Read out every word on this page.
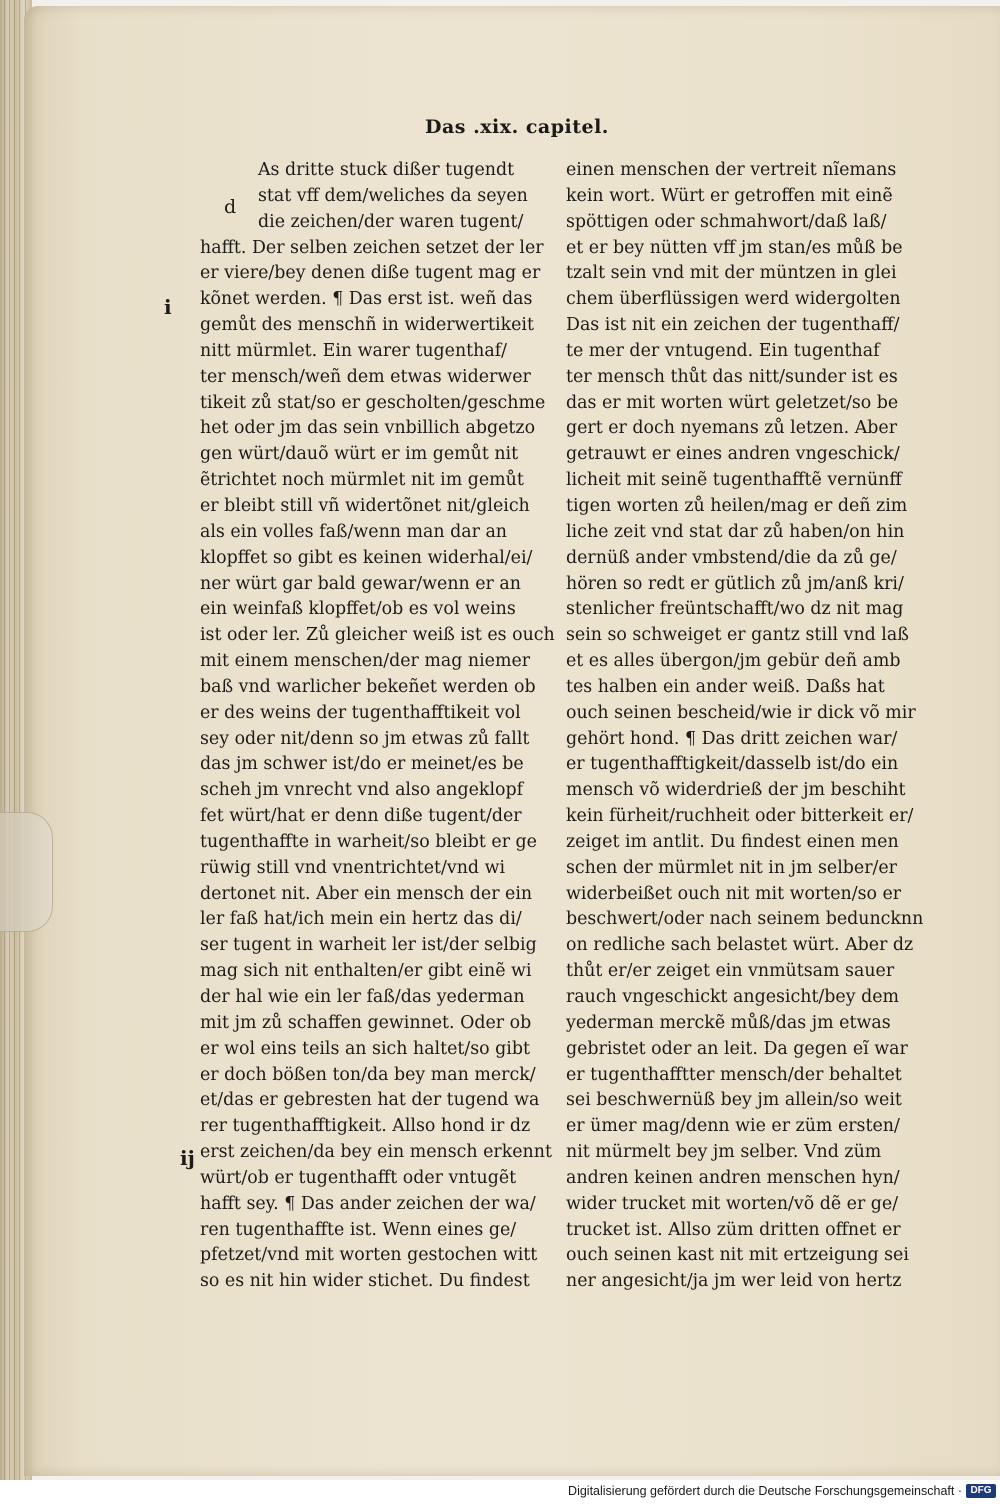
Das .xix. capitel.
d
i
ij
As dritte stuck dißer tugendt
stat vff dem/weliches da seyen
die zeichen/der waren tugent/
hafft. Der selben zeichen setzet der ler
er viere/bey denen diße tugent mag er
kõnet werden. ¶ Das erst ist. weñ das
gemůt des menschñ in widerwertikeit
nitt mürmlet. Ein warer tugenthaf/
ter mensch/weñ dem etwas widerwer
tikeit zů stat/so er gescholten/geschme
het oder jm das sein vnbillich abgetzo
gen würt/dauõ würt er im gemůt nit
ẽtrichtet noch mürmlet nit im gemůt
er bleibt still vñ widertõnet nit/gleich
als ein volles faß/wenn man dar an
klopffet so gibt es keinen widerhal/ei/
ner würt gar bald gewar/wenn er an
ein weinfaß klopffet/ob es vol weins
ist oder ler. Zů gleicher weiß ist es ouch
mit einem menschen/der mag niemer
baß vnd warlicher bekeñet werden ob
er des weins der tugenthafftikeit vol
sey oder nit/denn so jm etwas zů fallt
das jm schwer ist/do er meinet/es be
scheh jm vnrecht vnd also angeklopf
fet würt/hat er denn diße tugent/der
tugenthaffte in warheit/so bleibt er ge
rüwig still vnd vnentrichtet/vnd wi
dertonet nit. Aber ein mensch der ein
ler faß hat/ich mein ein hertz das di/
ser tugent in warheit ler ist/der selbig
mag sich nit enthalten/er gibt einẽ wi
der hal wie ein ler faß/das yederman
mit jm zů schaffen gewinnet. Oder ob
er wol eins teils an sich haltet/so gibt
er doch bößen ton/da bey man merck/
et/das er gebresten hat der tugend wa
rer tugenthafftigkeit. Allso hond ir dz
erst zeichen/da bey ein mensch erkennt
würt/ob er tugenthafft oder vntugẽt
hafft sey. ¶ Das ander zeichen der wa/
ren tugenthaffte ist. Wenn eines ge/
pfetzet/vnd mit worten gestochen witt
so es nit hin wider stichet. Du findest
einen menschen der vertreit nĩemans
kein wort. Würt er getroffen mit einẽ
spöttigen oder schmahwort/daß laß/
et er bey nütten vff jm stan/es můß be
tzalt sein vnd mit der müntzen in glei
chem überflüssigen werd widergolten
Das ist nit ein zeichen der tugenthaff/
te mer der vntugend. Ein tugenthaf
ter mensch thůt das nitt/sunder ist es
das er mit worten würt geletzet/so be
gert er doch nyemans zů letzen. Aber
getrauwt er eines andren vngeschick/
licheit mit seinẽ tugenthafftẽ vernünff
tigen worten zů heilen/mag er deñ zim
liche zeit vnd stat dar zů haben/on hin
dernüß ander vmbstend/die da zů ge/
hören so redt er gütlich zů jm/anß kri/
stenlicher freüntschafft/wo dz nit mag
sein so schweiget er gantz still vnd laß
et es alles übergon/jm gebür deñ amb
tes halben ein ander weiß. Daßs hat
ouch seinen bescheid/wie ir dick võ mir
gehört hond. ¶ Das dritt zeichen war/
er tugenthafftigkeit/dasselb ist/do ein
mensch võ widerdrieß der jm beschiht
kein fürheit/ruchheit oder bitterkeit er/
zeiget im antlit. Du findest einen men
schen der mürmlet nit in jm selber/er
widerbeißet ouch nit mit worten/so er
beschwert/oder nach seinem beduncknn
on redliche sach belastet würt. Aber dz
thůt er/er zeiget ein vnmütsam sauer
rauch vngeschickt angesicht/bey dem
yederman merckẽ můß/das jm etwas
gebristet oder an leit. Da gegen eĩ war
er tugenthafftter mensch/der behaltet
sei beschwernüß bey jm allein/so weit
er ümer mag/denn wie er züm ersten/
nit mürmelt bey jm selber. Vnd züm
andren keinen andren menschen hyn/
wider trucket mit worten/võ dẽ er ge/
trucket ist. Allso züm dritten offnet er
ouch seinen kast nit mit ertzeigung sei
ner angesicht/ja jm wer leid von hertz
Digitalisierung gefördert durch die Deutsche Forschungsgemeinschaft · DFG
